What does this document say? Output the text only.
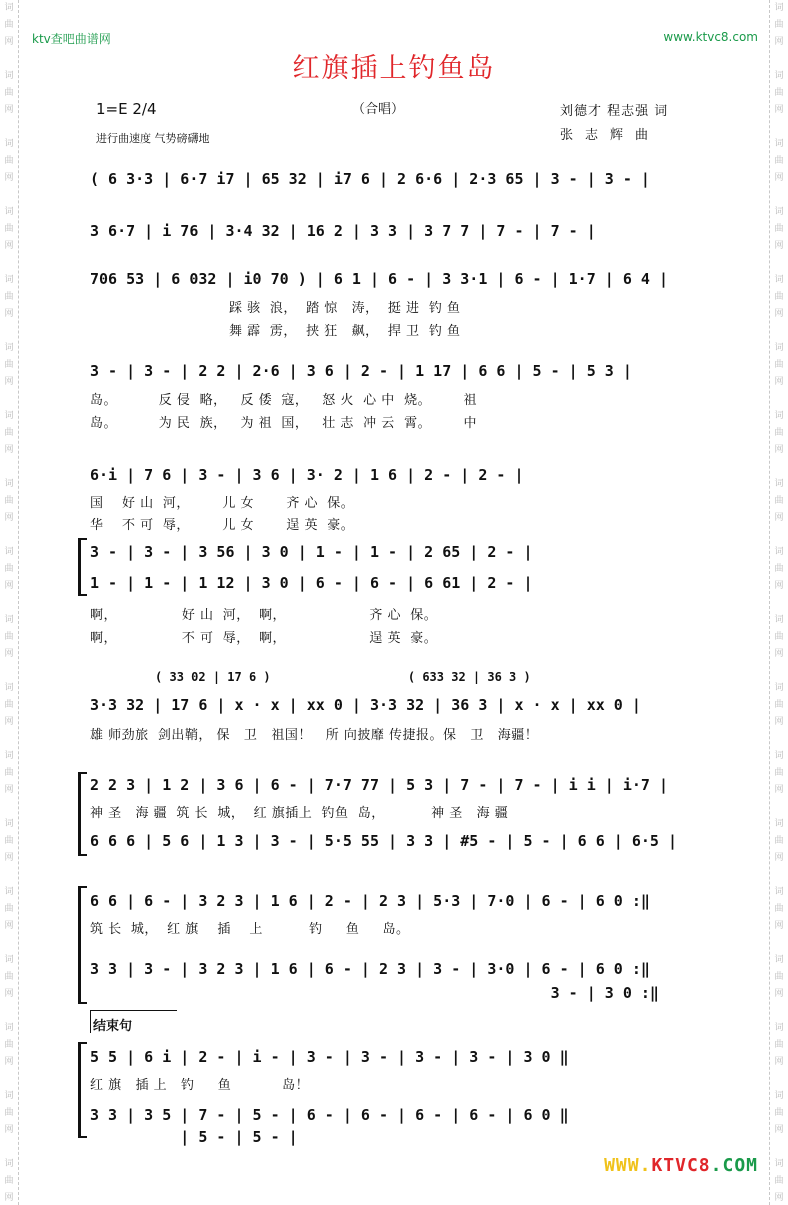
词
曲
网

词
曲
网

词
曲
网

词
曲
网

词
曲
网

词
曲
网

词
曲
网

词
曲
网

词
曲
网

词
曲
网

词
曲
网

词
曲
网

词
曲
网

词
曲
网

词
曲
网

词
曲
网

词
曲
网

词
曲
网
词
曲
网

词
曲
网

词
曲
网

词
曲
网

词
曲
网

词
曲
网

词
曲
网

词
曲
网

词
曲
网

词
曲
网

词
曲
网

词
曲
网

词
曲
网

词
曲
网

词
曲
网

词
曲
网

词
曲
网

词
曲
网
ktv查吧曲谱网	www.ktvc8.com
红旗插上钓鱼岛
1=E 2/4
进行曲速度 气势磅礴地
（合唱）	刘德才 程志强 词
张志辉曲
( 6 3·3 | 6·7 i7 | 65 32 | i7 6 | 2 6·6 | 2·3 65 | 3 - | 3 - |
3 6·7 | i 76 | 3·4 32 | 16 2 | 3 3 | 3 7 7 | 7 - | 7 - |
706 53 | 6 032 | i0 70 ) | 6 1 | 6 - | 3 3·1 | 6 - | 1·7 | 6 4 |
踩 骇  浪，  踏 惊   涛，  挺 进  钓 鱼
舞 霹  雳，  挟 狂   飙，  捍 卫  钓 鱼
3 - | 3 - | 2 2 | 2·6 | 3 6 | 2 - | 1 17 | 6 6 | 5 - | 5 3 |
岛。         反 侵  略，   反 倭  寇，   怒 火  心 中  烧。       祖
岛。         为 民  族，   为 祖  国，   壮 志  冲 云  霄。       中
6·i | 7 6 | 3 - | 3 6 | 3· 2 | 1 6 | 2 - | 2 - |
国    好 山  河，       儿 女       齐 心  保。
华    不 可  辱，       儿 女       逞 英  豪。
3 - | 3 - | 3 56 | 3 0 | 1 - | 1 - | 2 65 | 2 - |
1 - | 1 - | 1 12 | 3 0 | 6 - | 6 - | 6 61 | 2 - |
啊，              好 山  河，  啊，                  齐 心  保。
啊，              不 可  辱，  啊，                  逞 英  豪。
( 33 02 | 17 6 )                   ( 633 32 | 36 3 )
3·3 32 | 17 6 | x · x | xx 0 | 3·3 32 | 36 3 | x · x | xx 0 |
雄 师劲旅  剑出鞘， 保   卫   祖国！   所 向披靡 传捷报。保   卫   海疆！
2 2 3 | 1 2 | 3 6 | 6 - | 7·7 77 | 5 3 | 7 - | 7 - | i i | i·7 |
神 圣   海 疆  筑 长  城，  红 旗插上  钓鱼  岛，          神 圣   海 疆
6 6 6 | 5 6 | 1 3 | 3 - | 5·5 55 | 3 3 | #5 - | 5 - | 6 6 | 6·5 |
6 6 | 6 - | 3 2 3 | 1 6 | 2 - | 2 3 | 5·3 | 7·0 | 6 - | 6 0 :‖
筑 长  城，  红 旗    插    上          钓     鱼     岛。
3 3 | 3 - | 3 2 3 | 1 6 | 6 - | 2 3 | 3 - | 3·0 | 6 - | 6 0 :‖
3 - | 3 0 :‖
结束句
5 5 | 6 i | 2 - | i - | 3 - | 3 - | 3 - | 3 - | 3 0 ‖
红 旗   插 上   钓     鱼           岛！
3 3 | 3 5 | 7 - | 5 - | 6 - | 6 - | 6 - | 6 - | 6 0 ‖
| 5 - | 5 - |
WWW.KTVC8.COM
